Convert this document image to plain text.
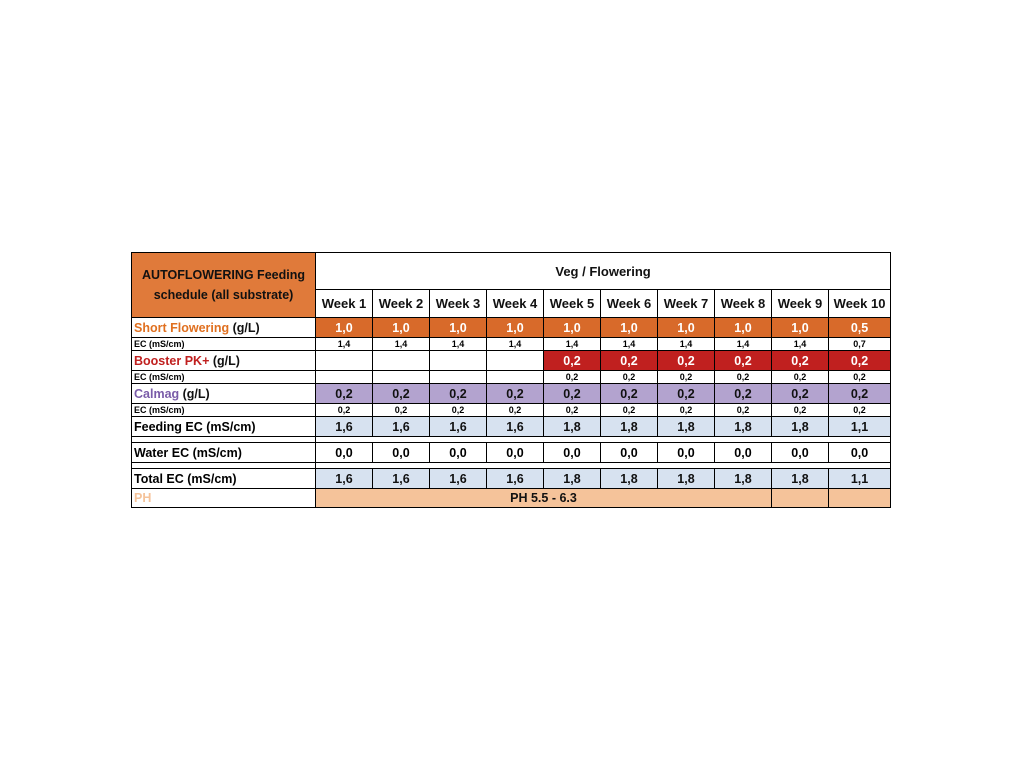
AUTOFLOWERING Feeding
schedule (all substrate)	Veg / Flowering									
	Week 1	Week 2	Week 3	Week 4	Week 5	Week 6	Week 7	Week 8	Week 9	Week 10
Short Flowering (g/L)	1,0	1,0	1,0	1,0	1,0	1,0	1,0	1,0	1,0	0,5
EC (mS/cm)	1,4	1,4	1,4	1,4	1,4	1,4	1,4	1,4	1,4	0,7
Booster PK+ (g/L)					0,2	0,2	0,2	0,2	0,2	0,2
EC (mS/cm)					0,2	0,2	0,2	0,2	0,2	0,2
Calmag (g/L)	0,2	0,2	0,2	0,2	0,2	0,2	0,2	0,2	0,2	0,2
EC (mS/cm)	0,2	0,2	0,2	0,2	0,2	0,2	0,2	0,2	0,2	0,2
Feeding EC (mS/cm)	1,6	1,6	1,6	1,6	1,8	1,8	1,8	1,8	1,8	1,1

Water EC (mS/cm)	0,0	0,0	0,0	0,0	0,0	0,0	0,0	0,0	0,0	0,0

Total EC (mS/cm)	1,6	1,6	1,6	1,6	1,8	1,8	1,8	1,8	1,8	1,1
PH	PH 5.5 - 6.3									
